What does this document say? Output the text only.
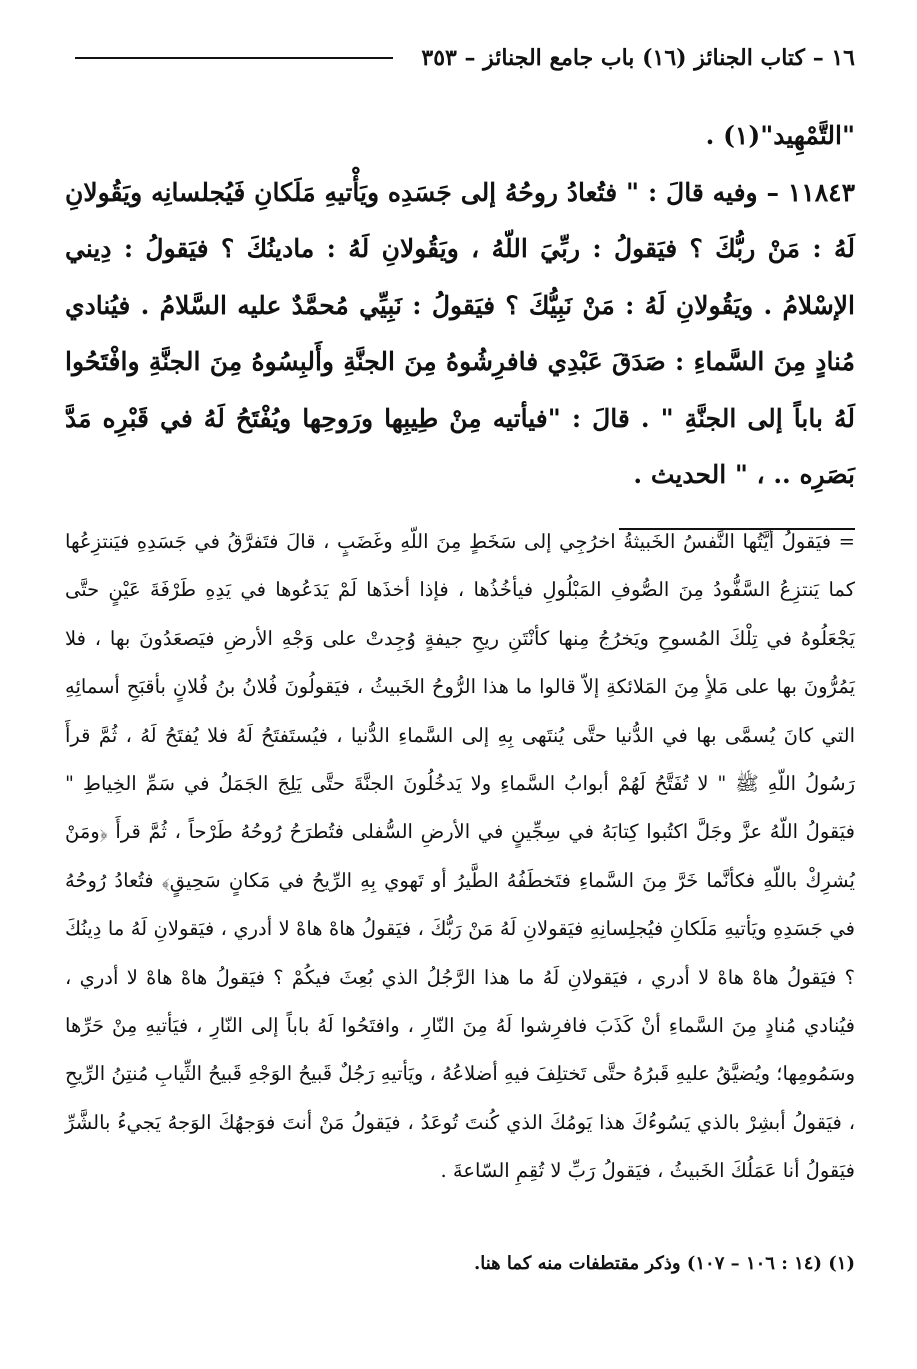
١٦ – كتاب الجنائز (١٦) باب جامع الجنائز – ٣٥٣

"التَّمْهِيد"(١) .

١١٨٤٣ – وفيه قالَ : " فتُعادُ روحُهُ إلى جَسَدِه ويَأْتيهِ مَلَكانِ فَيُجلسانِه ويَقُولانِ لَهُ : مَنْ ربُّكَ ؟ فيَقولُ : ربِّيَ اللّهُ ، ويَقُولانِ لَهُ : مادينُكَ ؟ فيَقولُ : دِيني الإسْلامُ . ويَقُولانِ لَهُ : مَنْ نَبِيُّكَ ؟ فيَقولُ : نَبِيِّي مُحمَّدٌ عليه السَّلامُ . فيُنادي مُنادٍ مِنَ السَّماءِ : صَدَقَ عَبْدِي فافرِشُوهُ مِنَ الجنَّةِ وأَلبِسُوهُ مِنَ الجنَّةِ وافْتَحُوا لَهُ باباً إلى الجنَّةِ " . قالَ : "فيأتيه مِنْ طِيبِها ورَوحِها ويُفْتَحُ لَهُ في قَبْرِه مَدَّ بَصَرِه .. ، " الحديث .

= فيَقولُ أيَّتُها النَّفسُ الخَبيثةُ اخرُجِي إلى سَخَطٍ مِنَ اللّهِ وغَضَبٍ ، قالَ فتَفرَّقُ في جَسَدِهِ فيَنتزِعُها كما يَنتزِعُ السَّفُّودُ مِنَ الصُّوفِ المَبْلُولِ فيأخُذُها ، فإذا أخذَها لَمْ يَدَعُوها في يَدِهِ طَرْفَةَ عَيْنٍ حتَّى يَجْعَلُوهُ في تِلْكَ المُسوحِ ويَخرُجُ مِنها كأنْتَنِ ريحِ جيفةٍ وُجِدتْ على وَجْهِ الأرضِ فيَصعَدُونَ بها ، فلا يَمُرُّونَ بها على مَلأٍ مِنَ المَلائكةِ إلاّ قالوا ما هذا الرُّوحُ الخَبيثُ ، فيَقولُونَ فُلانُ بنُ فُلانٍ بأقبَحِ أسمائِهِ التي كانَ يُسمَّى بها في الدُّنيا حتَّى يُنتَهى بِهِ إلى السَّماءِ الدُّنيا ، فيُستَفتَحُ لَهُ فلا يُفتَحُ لَهُ ، ثُمَّ قرأَ رَسُولُ اللّهِ ﷺ " لا تُفَتَّحُ لَهُمْ أبوابُ السَّماءِ ولا يَدخُلُونَ الجنَّةَ حتَّى يَلِجَ الجَمَلُ في سَمِّ الخِياطِ " فيَقولُ اللّهُ عزَّ وجَلَّ اكتُبوا كِتابَهُ في سِجِّينٍ في الأرضِ السُّفلى فتُطرَحُ رُوحُهُ طَرْحاً ، ثُمَّ قرأَ ﴿ومَنْ يُشرِكْ باللّهِ فكأنَّما خَرَّ مِنَ السَّماءِ فتَخطَفُهُ الطَّيرُ أو تَهوي بِهِ الرِّيحُ في مَكانٍ سَحِيقٍ﴾ فتُعادُ رُوحُهُ في جَسَدِهِ ويَأتيهِ مَلَكانِ فيُجلِسانِهِ فيَقولانِ لَهُ مَنْ رَبُّكَ ، فيَقولُ هاهْ هاهْ لا أدري ، فيَقولانِ لَهُ ما دِينُكَ ؟ فيَقولُ هاهْ هاهْ لا أدري ، فيَقولانِ لَهُ ما هذا الرَّجُلُ الذي بُعِثَ فيكُمْ ؟ فيَقولُ هاهْ هاهْ لا أدري ، فيُنادي مُنادٍ مِنَ السَّماءِ أنْ كَذَبَ فافرِشوا لَهُ مِنَ النّارِ ، وافتَحُوا لَهُ باباً إلى النّارِ ، فيَأتيهِ مِنْ حَرِّها وسَمُومِها؛ ويُضيَّقُ عليهِ قَبرُهُ حتَّى تَختلِفَ فيهِ أضلاعُهُ ، ويَأتيهِ رَجُلٌ قَبيحُ الوَجْهِ قَبيحُ الثِّيابِ مُنتِنُ الرِّيحِ ، فيَقولُ أبشِرْ بالذي يَسُوءُكَ هذا يَومُكَ الذي كُنتَ تُوعَدُ ، فيَقولُ مَنْ أنتَ فوَجهُكَ الوَجهُ يَجيءُ بالشَّرِّ فيَقولُ أنا عَمَلُكَ الخَبيثُ ، فيَقولُ رَبِّ لا تُقِمِ السّاعةَ .

(١) (١٤ : ١٠٦ – ١٠٧) وذكر مقتطفات منه كما هنا.
